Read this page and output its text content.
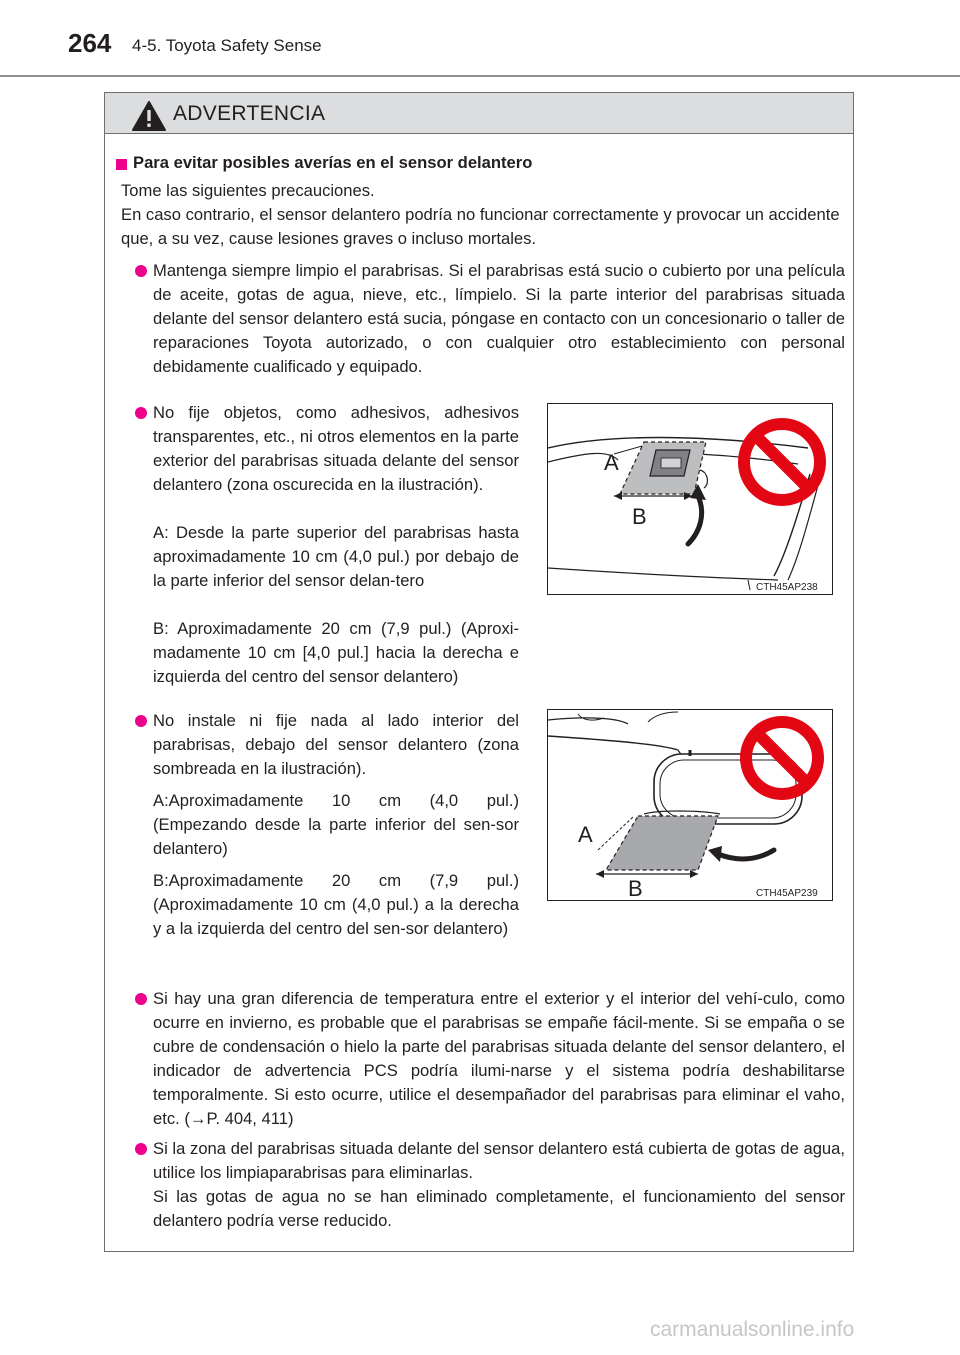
264 4-5. Toyota Safety Sense
ADVERTENCIA
Para evitar posibles averías en el sensor delantero
Tome las siguientes precauciones.
En caso contrario, el sensor delantero podría no funcionar correctamente y provocar un accidente que, a su vez, cause lesiones graves o incluso mortales.
Mantenga siempre limpio el parabrisas. Si el parabrisas está sucio o cubierto por una película de aceite, gotas de agua, nieve, etc., límpielo. Si la parte interior del parabrisas situada delante del sensor delantero está sucia, póngase en contacto con un concesionario o taller de reparaciones Toyota autorizado, o con cualquier otro establecimiento con personal debidamente cualificado y equipado.
No fije objetos, como adhesivos, adhesivos transparentes, etc., ni otros elementos en la parte exterior del parabrisas situada delante del sensor delantero (zona oscurecida en la ilustración).
A: Desde la parte superior del parabrisas hasta aproximadamente 10 cm (4,0 pul.) por debajo de la parte inferior del sensor delan-tero
B: Aproximadamente 20 cm (7,9 pul.) (Aproxi-madamente 10 cm [4,0 pul.] hacia la derecha e izquierda del centro del sensor delantero)
A
B
CTH45AP238
No instale ni fije nada al lado interior del parabrisas, debajo del sensor delantero (zona sombreada en la ilustración).
A:Aproximadamente 10 cm (4,0 pul.) (Empezando desde la parte inferior del sen-sor delantero)
B:Aproximadamente 20 cm (7,9 pul.) (Aproximadamente 10 cm (4,0 pul.) a la derecha y a la izquierda del centro del sen-sor delantero)
A
B	CTH45AP239
Si hay una gran diferencia de temperatura entre el exterior y el interior del vehí-culo, como ocurre en invierno, es probable que el parabrisas se empañe fácil-mente. Si se empaña o se cubre de condensación o hielo la parte del parabrisas situada delante del sensor delantero, el indicador de advertencia PCS podría ilumi-narse y el sistema podría deshabilitarse temporalmente. Si esto ocurre, utilice el desempañador del parabrisas para eliminar el vaho, etc. (→P. 404, 411)
Si la zona del parabrisas situada delante del sensor delantero está cubierta de gotas de agua, utilice los limpiaparabrisas para eliminarlas.
Si las gotas de agua no se han eliminado completamente, el funcionamiento del sensor delantero podría verse reducido.
carmanualsonline.info
